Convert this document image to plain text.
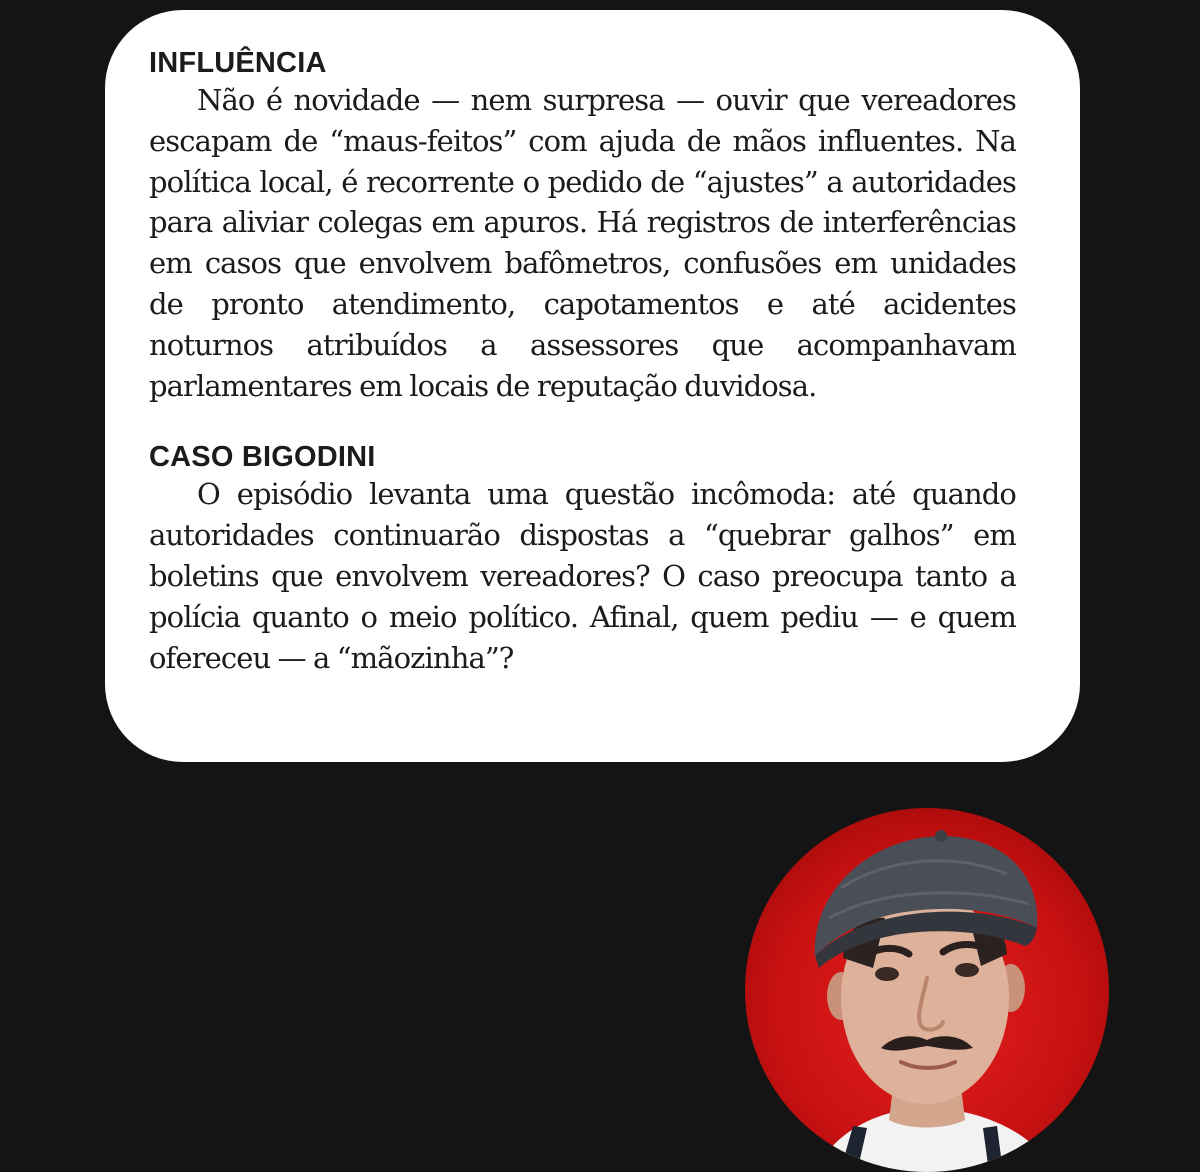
INFLUÊNCIA

Não é novidade — nem surpresa — ouvir que vereadores escapam de “maus-feitos” com ajuda de mãos influentes. Na política local, é recorrente o pedido de “ajustes” a autoridades para aliviar colegas em apuros. Há registros de interferências em casos que envolvem bafômetros, confusões em unidades de pronto atendimento, capotamentos e até acidentes noturnos atribuídos a assessores que acompanhavam parlamentares em locais de reputação duvidosa.

CASO BIGODINI

O episódio levanta uma questão incômoda: até quando autoridades continuarão dispostas a “quebrar galhos” em boletins que envolvem vereadores? O caso preocupa tanto a polícia quanto o meio político. Afinal, quem pediu — e quem ofereceu — a “mãozinha”?
